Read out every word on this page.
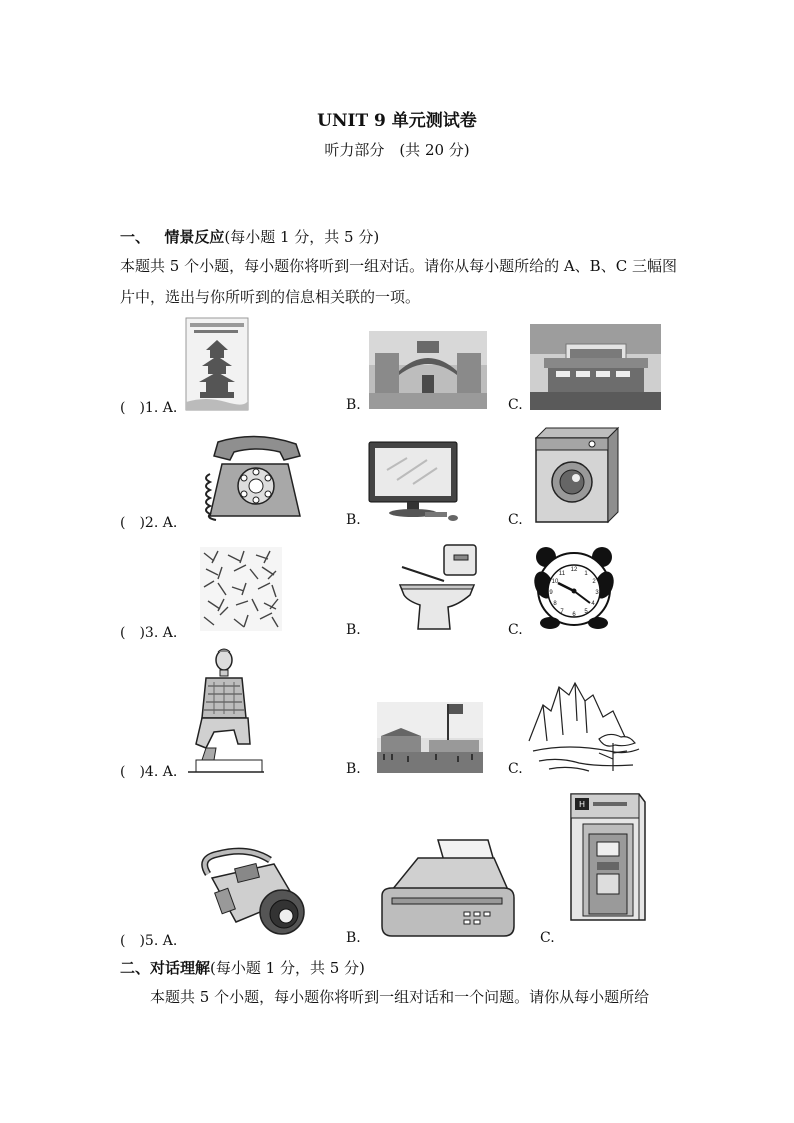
UNIT 9 单元测试卷
听力部分　(共 20 分)
一、 情景反应(每小题 1 分，共 5 分)
本题共 5 个小题，每小题你将听到一组对话。请你从每小题所给的 A、B、C 三幅图片中，选出与你所听到的信息相关联的一项。
(　)1. A.	B.	C.
(　)2. A.	B.	C.
(　)3. A.	B.	C.
12
1
2
3
4
5
6
7
8
9
10
11
(　)4. A.	B.	C.
(　)5. A.	B.	C.
H
二、对话理解(每小题 1 分，共 5 分)
本题共 5 个小题，每小题你将听到一组对话和一个问题。请你从每小题所给
